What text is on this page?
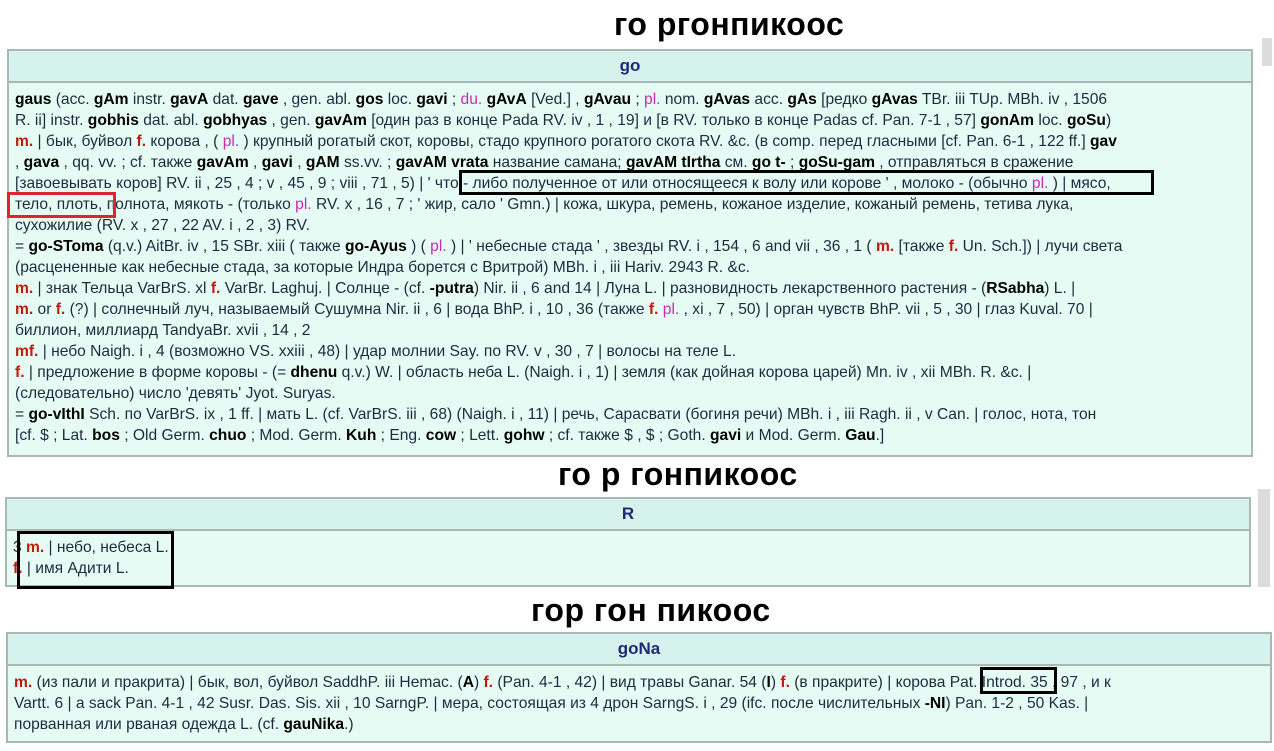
го ргонпикоос
go
gaus (acc. gAm instr. gavA dat. gave , gen. abl. gos loc. gavi ; du. gAvA [Ved.] , gAvau ; pl. nom. gAvas acc. gAs [редко gAvas TBr. iii TUp. MBh. iv , 1506
R. ii] instr. gobhis dat. abl. gobhyas , gen. gavAm [один раз в конце Pada RV. iv , 1 , 19] и [в RV. только в конце Padas cf. Pan. 7-1 , 57] gonAm loc. goSu)
m. | бык, буйвол f. корова , ( pl. ) крупный рогатый скот, коровы, стадо крупного рогатого скота RV. &c. (в comp. перед гласными [cf. Pan. 6-1 , 122 ff.] gav
, gava , qq. vv. ; cf. также gavAm , gavi , gAM ss.vv. ; gavAM vrata название самана; gavAM tIrtha см. go t- ; goSu-gam , отправляться в сражение
[завоевывать коров] RV. ii , 25 , 4 ; v , 45 , 9 ; viii , 71 , 5) | ' что - либо полученное от или относящееся к волу или корове ' , молоко - (обычно pl. ) | мясо,
тело, плоть, полнота, мякоть - (только pl. RV. x , 16 , 7 ; ' жир, сало ' Gmn.) | кожа, шкура, ремень, кожаное изделие, кожаный ремень, тетива лука,
сухожилие (RV. x , 27 , 22 AV. i , 2 , 3) RV.
= go-SToma (q.v.) AitBr. iv , 15 SBr. xiii ( также go-Ayus ) ( pl. ) | ' небесные стада ' , звезды RV. i , 154 , 6 and vii , 36 , 1 ( m. [также f. Un. Sch.]) | лучи света
(расцененные как небесные стада, за которые Индра борется с Вритрой) MBh. i , iii Hariv. 2943 R. &c.
m. | знак Тельца VarBrS. xl f. VarBr. Laghuj. | Солнце - (cf. -putra) Nir. ii , 6 and 14 | Луна L. | разновидность лекарственного растения - (RSabha) L. |
m. or f. (?) | солнечный луч, называемый Сушумна Nir. ii , 6 | вода BhP. i , 10 , 36 (также f. pl. , xi , 7 , 50) | орган чувств BhP. vii , 5 , 30 | глаз Kuval. 70 |
биллион, миллиард TandyaBr. xvii , 14 , 2
mf. | небо Naigh. i , 4 (возможно VS. xxiii , 48) | удар молнии Say. по RV. v , 30 , 7 | волосы на теле L.
f. | предложение в форме коровы - (= dhenu q.v.) W. | область неба L. (Naigh. i , 1) | земля (как дойная корова царей) Mn. iv , xii MBh. R. &c. |
(следовательно) число 'девять' Jyot. Suryas.
= go-vIthI Sch. по VarBrS. ix , 1 ff. | мать L. (cf. VarBrS. iii , 68) (Naigh. i , 11) | речь, Сарасвати (богиня речи) MBh. i , iii Ragh. ii , v Can. | голос, нота, тон
[cf. $ ; Lat. bos ; Old Germ. chuo ; Mod. Germ. Kuh ; Eng. cow ; Lett. gohw ; cf. также $ , $ ; Goth. gavi и Mod. Germ. Gau.]
го р гонпикоос
R
3 m. | небо, небеса L.
f. | имя Адити L.
гор гон пикоос
goNa
m. (из пали и пракрита) | бык, вол, буйвол SaddhP. iii Hemac. (A) f. (Pan. 4-1 , 42) | вид травы Ganar. 54 (I) f. (в пракрите) | корова Pat. Introd. 35 , 97 , и к
Vartt. 6 | a sack Pan. 4-1 , 42 Susr. Das. Sis. xii , 10 SarngP. | мера, состоящая из 4 дрон SarngS. i , 29 (ifc. после числительных -NI) Pan. 1-2 , 50 Kas. |
порванная или рваная одежда L. (cf. gauNika.)
